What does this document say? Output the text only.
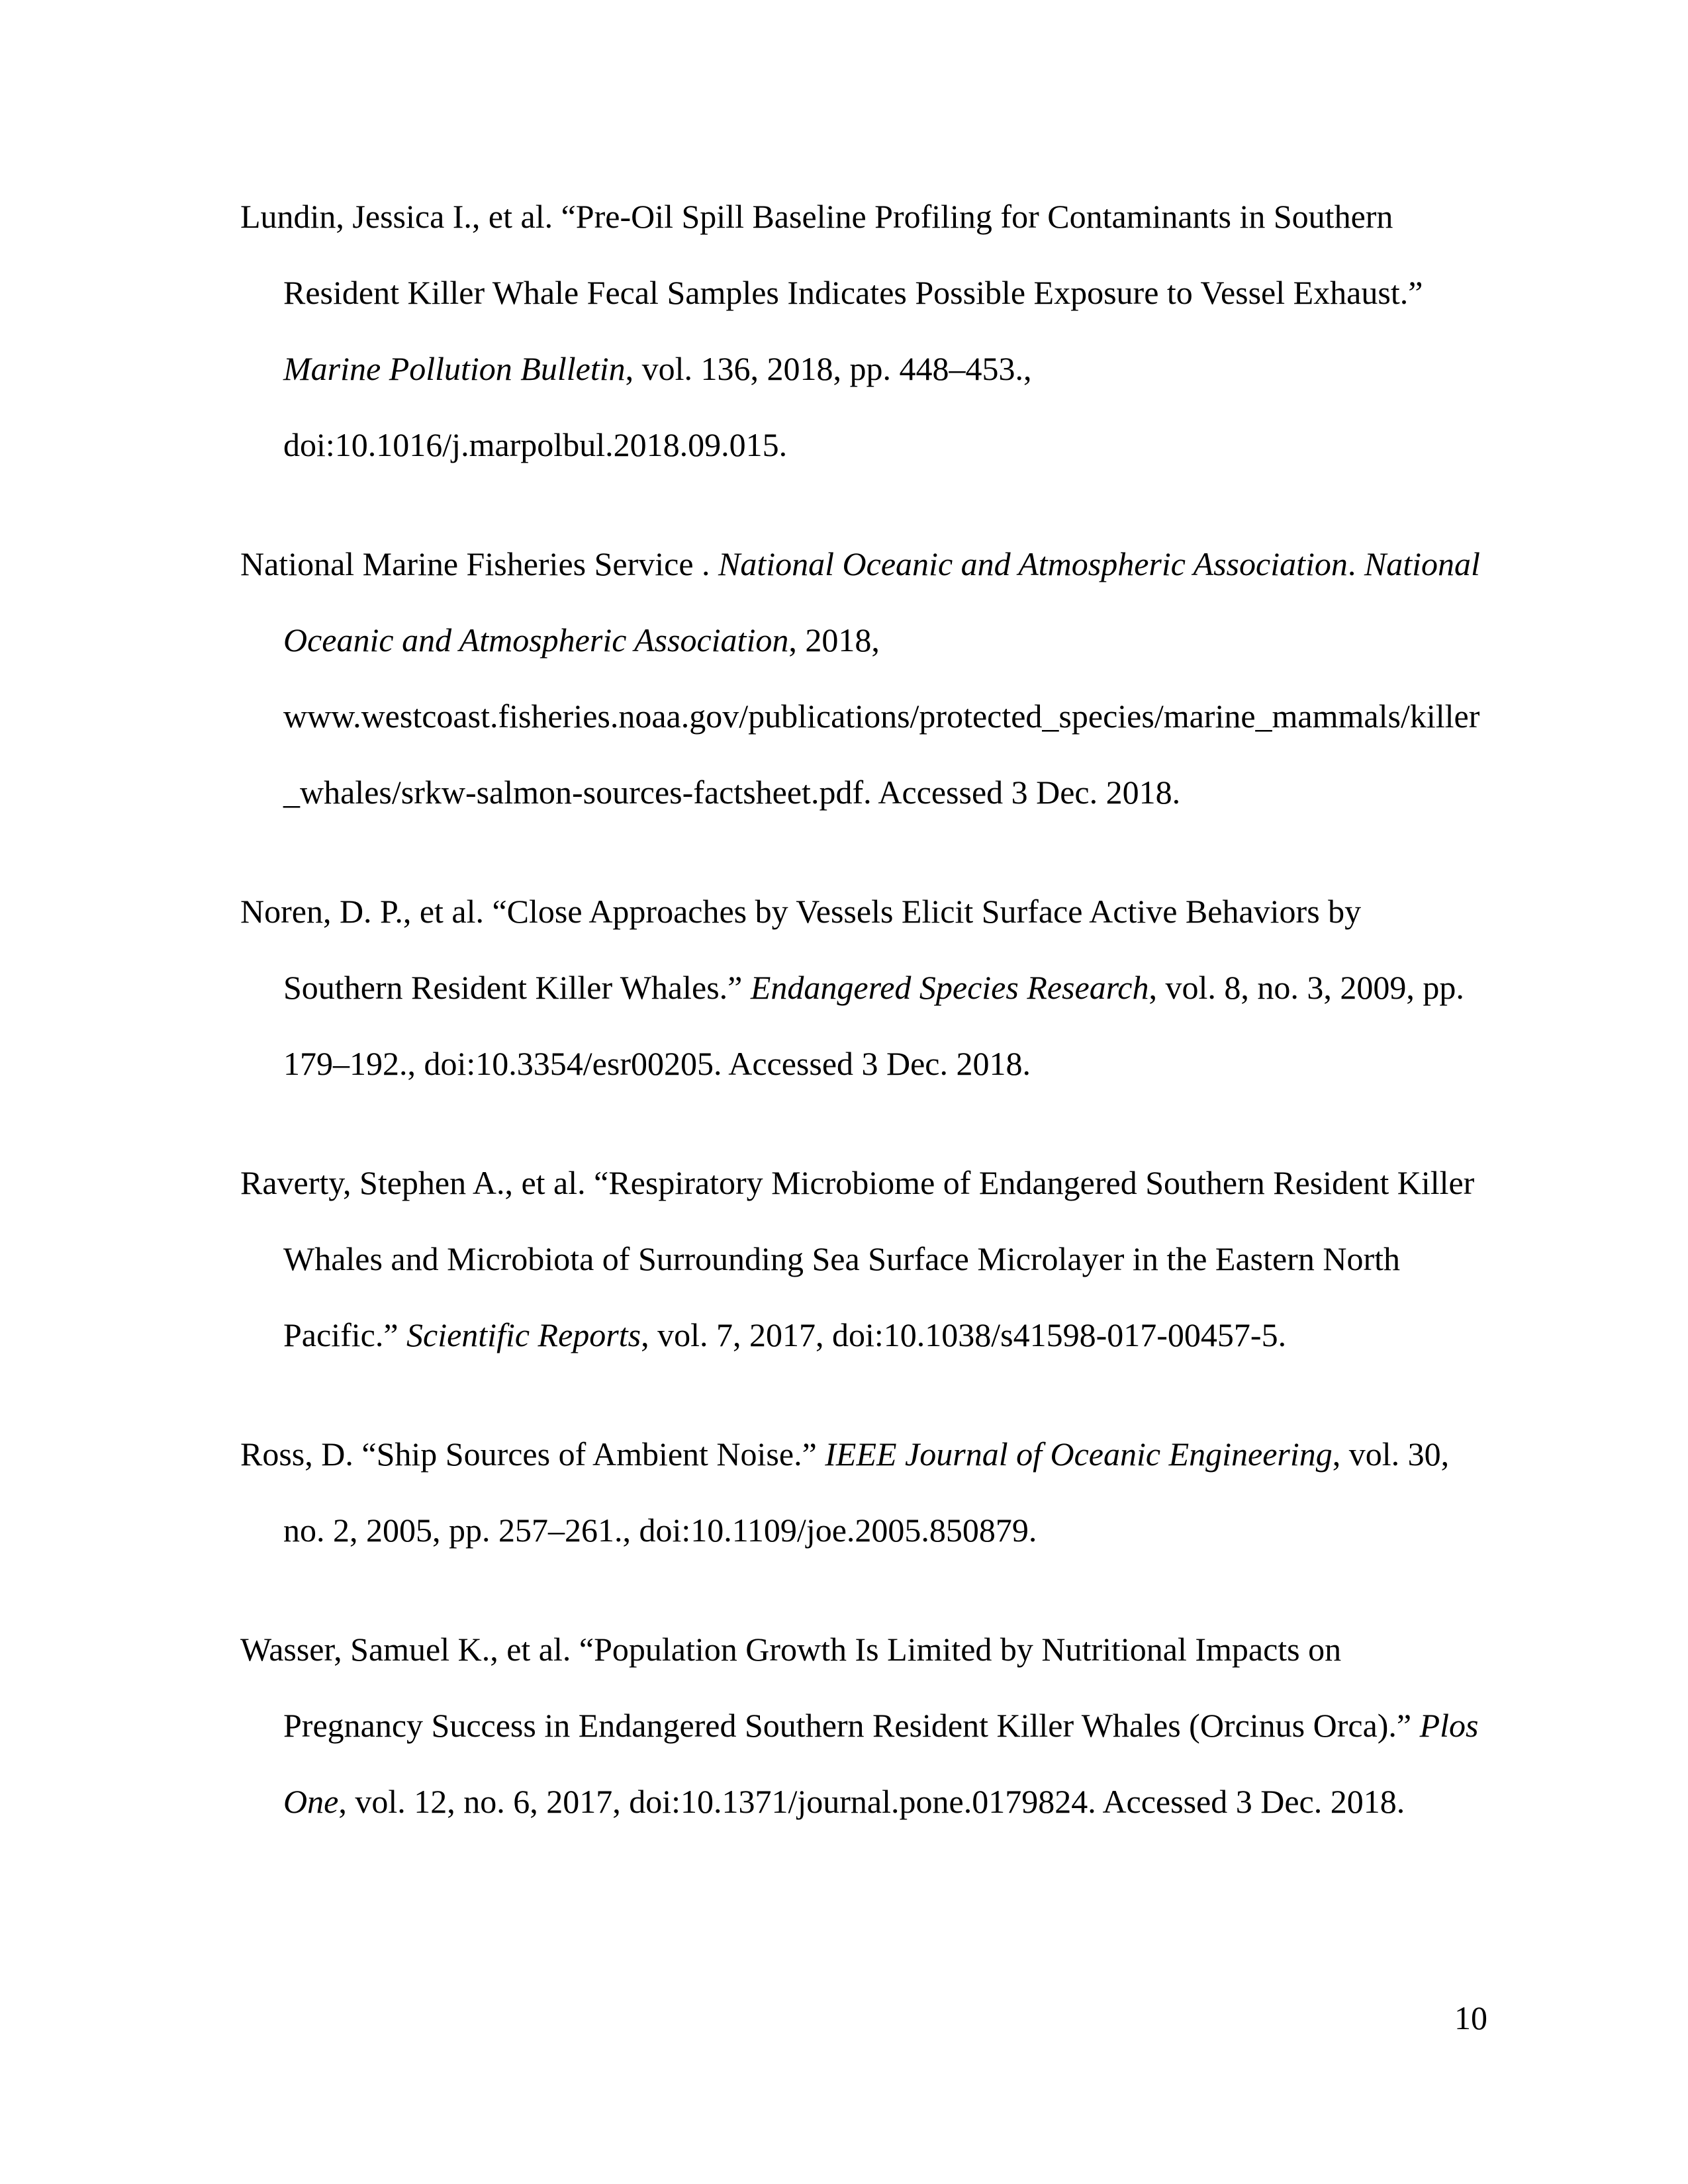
Lundin, Jessica I., et al. “Pre-Oil Spill Baseline Profiling for Contaminants in Southern
Resident Killer Whale Fecal Samples Indicates Possible Exposure to Vessel Exhaust.”
Marine Pollution Bulletin, vol. 136, 2018, pp. 448–453.,
doi:10.1016/j.marpolbul.2018.09.015.

National Marine Fisheries Service . National Oceanic and Atmospheric Association. National
Oceanic and Atmospheric Association, 2018,
www.westcoast.fisheries.noaa.gov/publications/protected_species/marine_mammals/killer
_whales/srkw-salmon-sources-factsheet.pdf. Accessed 3 Dec. 2018.

Noren, D. P., et al. “Close Approaches by Vessels Elicit Surface Active Behaviors by
Southern Resident Killer Whales.” Endangered Species Research, vol. 8, no. 3, 2009, pp.
179–192., doi:10.3354/esr00205. Accessed 3 Dec. 2018.

Raverty, Stephen A., et al. “Respiratory Microbiome of Endangered Southern Resident Killer
Whales and Microbiota of Surrounding Sea Surface Microlayer in the Eastern North
Pacific.” Scientific Reports, vol. 7, 2017, doi:10.1038/s41598-017-00457-5.

Ross, D. “Ship Sources of Ambient Noise.” IEEE Journal of Oceanic Engineering, vol. 30,
no. 2, 2005, pp. 257–261., doi:10.1109/joe.2005.850879.

Wasser, Samuel K., et al. “Population Growth Is Limited by Nutritional Impacts on
Pregnancy Success in Endangered Southern Resident Killer Whales (Orcinus Orca).” Plos
One, vol. 12, no. 6, 2017, doi:10.1371/journal.pone.0179824. Accessed 3 Dec. 2018.

10
